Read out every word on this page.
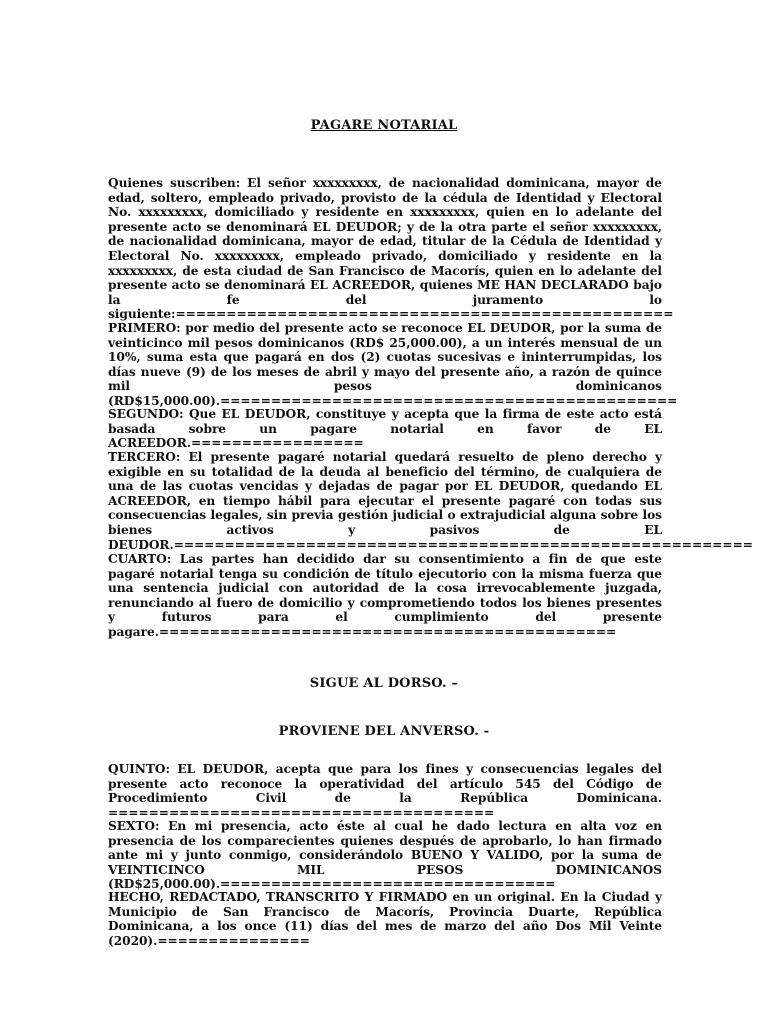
PAGARE NOTARIAL
Quienes suscriben: El señor xxxxxxxxx, de nacionalidad dominicana, mayor de edad, soltero, empleado privado, provisto de la cédula de Identidad y Electoral No. xxxxxxxxx, domiciliado y residente en xxxxxxxxx, quien en lo adelante del presente acto se denominará EL DEUDOR; y de la otra parte el señor xxxxxxxxx, de nacionalidad dominicana, mayor de edad, titular de la Cédula de Identidad y Electoral No. xxxxxxxxx, empleado privado, domiciliado y residente en la xxxxxxxxx, de esta ciudad de San Francisco de Macorís, quien en lo adelante del presente acto se denominará EL ACREEDOR, quienes ME HAN DECLARADO bajo la fe del juramento lo siguiente:=================================================
PRIMERO: por medio del presente acto se reconoce EL DEUDOR, por la suma de veinticinco mil pesos dominicanos (RD$ 25,000.00), a un interés mensual de un 10%, suma esta que pagará en dos (2) cuotas sucesivas e ininterrumpidas, los días nueve (9) de los meses de abril y mayo del presente año, a razón de quince mil pesos dominicanos (RD$15,000.00).=============================================
SEGUNDO: Que EL DEUDOR, constituye y acepta que la firma de este acto está basada sobre un pagare notarial en favor de EL ACREEDOR.=================
TERCERO: El presente pagaré notarial quedará resuelto de pleno derecho y exigible en su totalidad de la deuda al beneficio del término, de cualquiera de una de las cuotas vencidas y dejadas de pagar por EL DEUDOR, quedando EL ACREEDOR, en tiempo hábil para ejecutar el presente pagaré con todas sus consecuencias legales, sin previa gestión judicial o extrajudicial alguna sobre los bienes activos y pasivos de EL DEUDOR.=========================================================
CUARTO: Las partes han decidido dar su consentimiento a fin de que este pagaré notarial tenga su condición de título ejecutorio con la misma fuerza que una sentencia judicial con autoridad de la cosa irrevocablemente juzgada, renunciando al fuero de domicilio y comprometiendo todos los bienes presentes y futuros para el cumplimiento del presente pagare.=============================================
SIGUE AL DORSO. –
PROVIENE DEL ANVERSO. -
QUINTO: EL DEUDOR, acepta que para los fines y consecuencias legales del presente acto reconoce la operatividad del artículo 545 del Código de Procedimiento Civil de la República Dominicana. ======================================
SEXTO: En mi presencia, acto éste al cual he dado lectura en alta voz en presencia de los comparecientes quienes después de aprobarlo, lo han firmado ante mi y junto conmigo, considerándolo BUENO Y VALIDO, por la suma de VEINTICINCO MIL PESOS DOMINICANOS (RD$25,000.00).=================================
HECHO, REDACTADO, TRANSCRITO Y FIRMADO en un original. En la Ciudad y Municipio de San Francisco de Macorís, Provincia Duarte, República Dominicana, a los once (11) días del mes de marzo del año Dos Mil Veinte (2020).===============
